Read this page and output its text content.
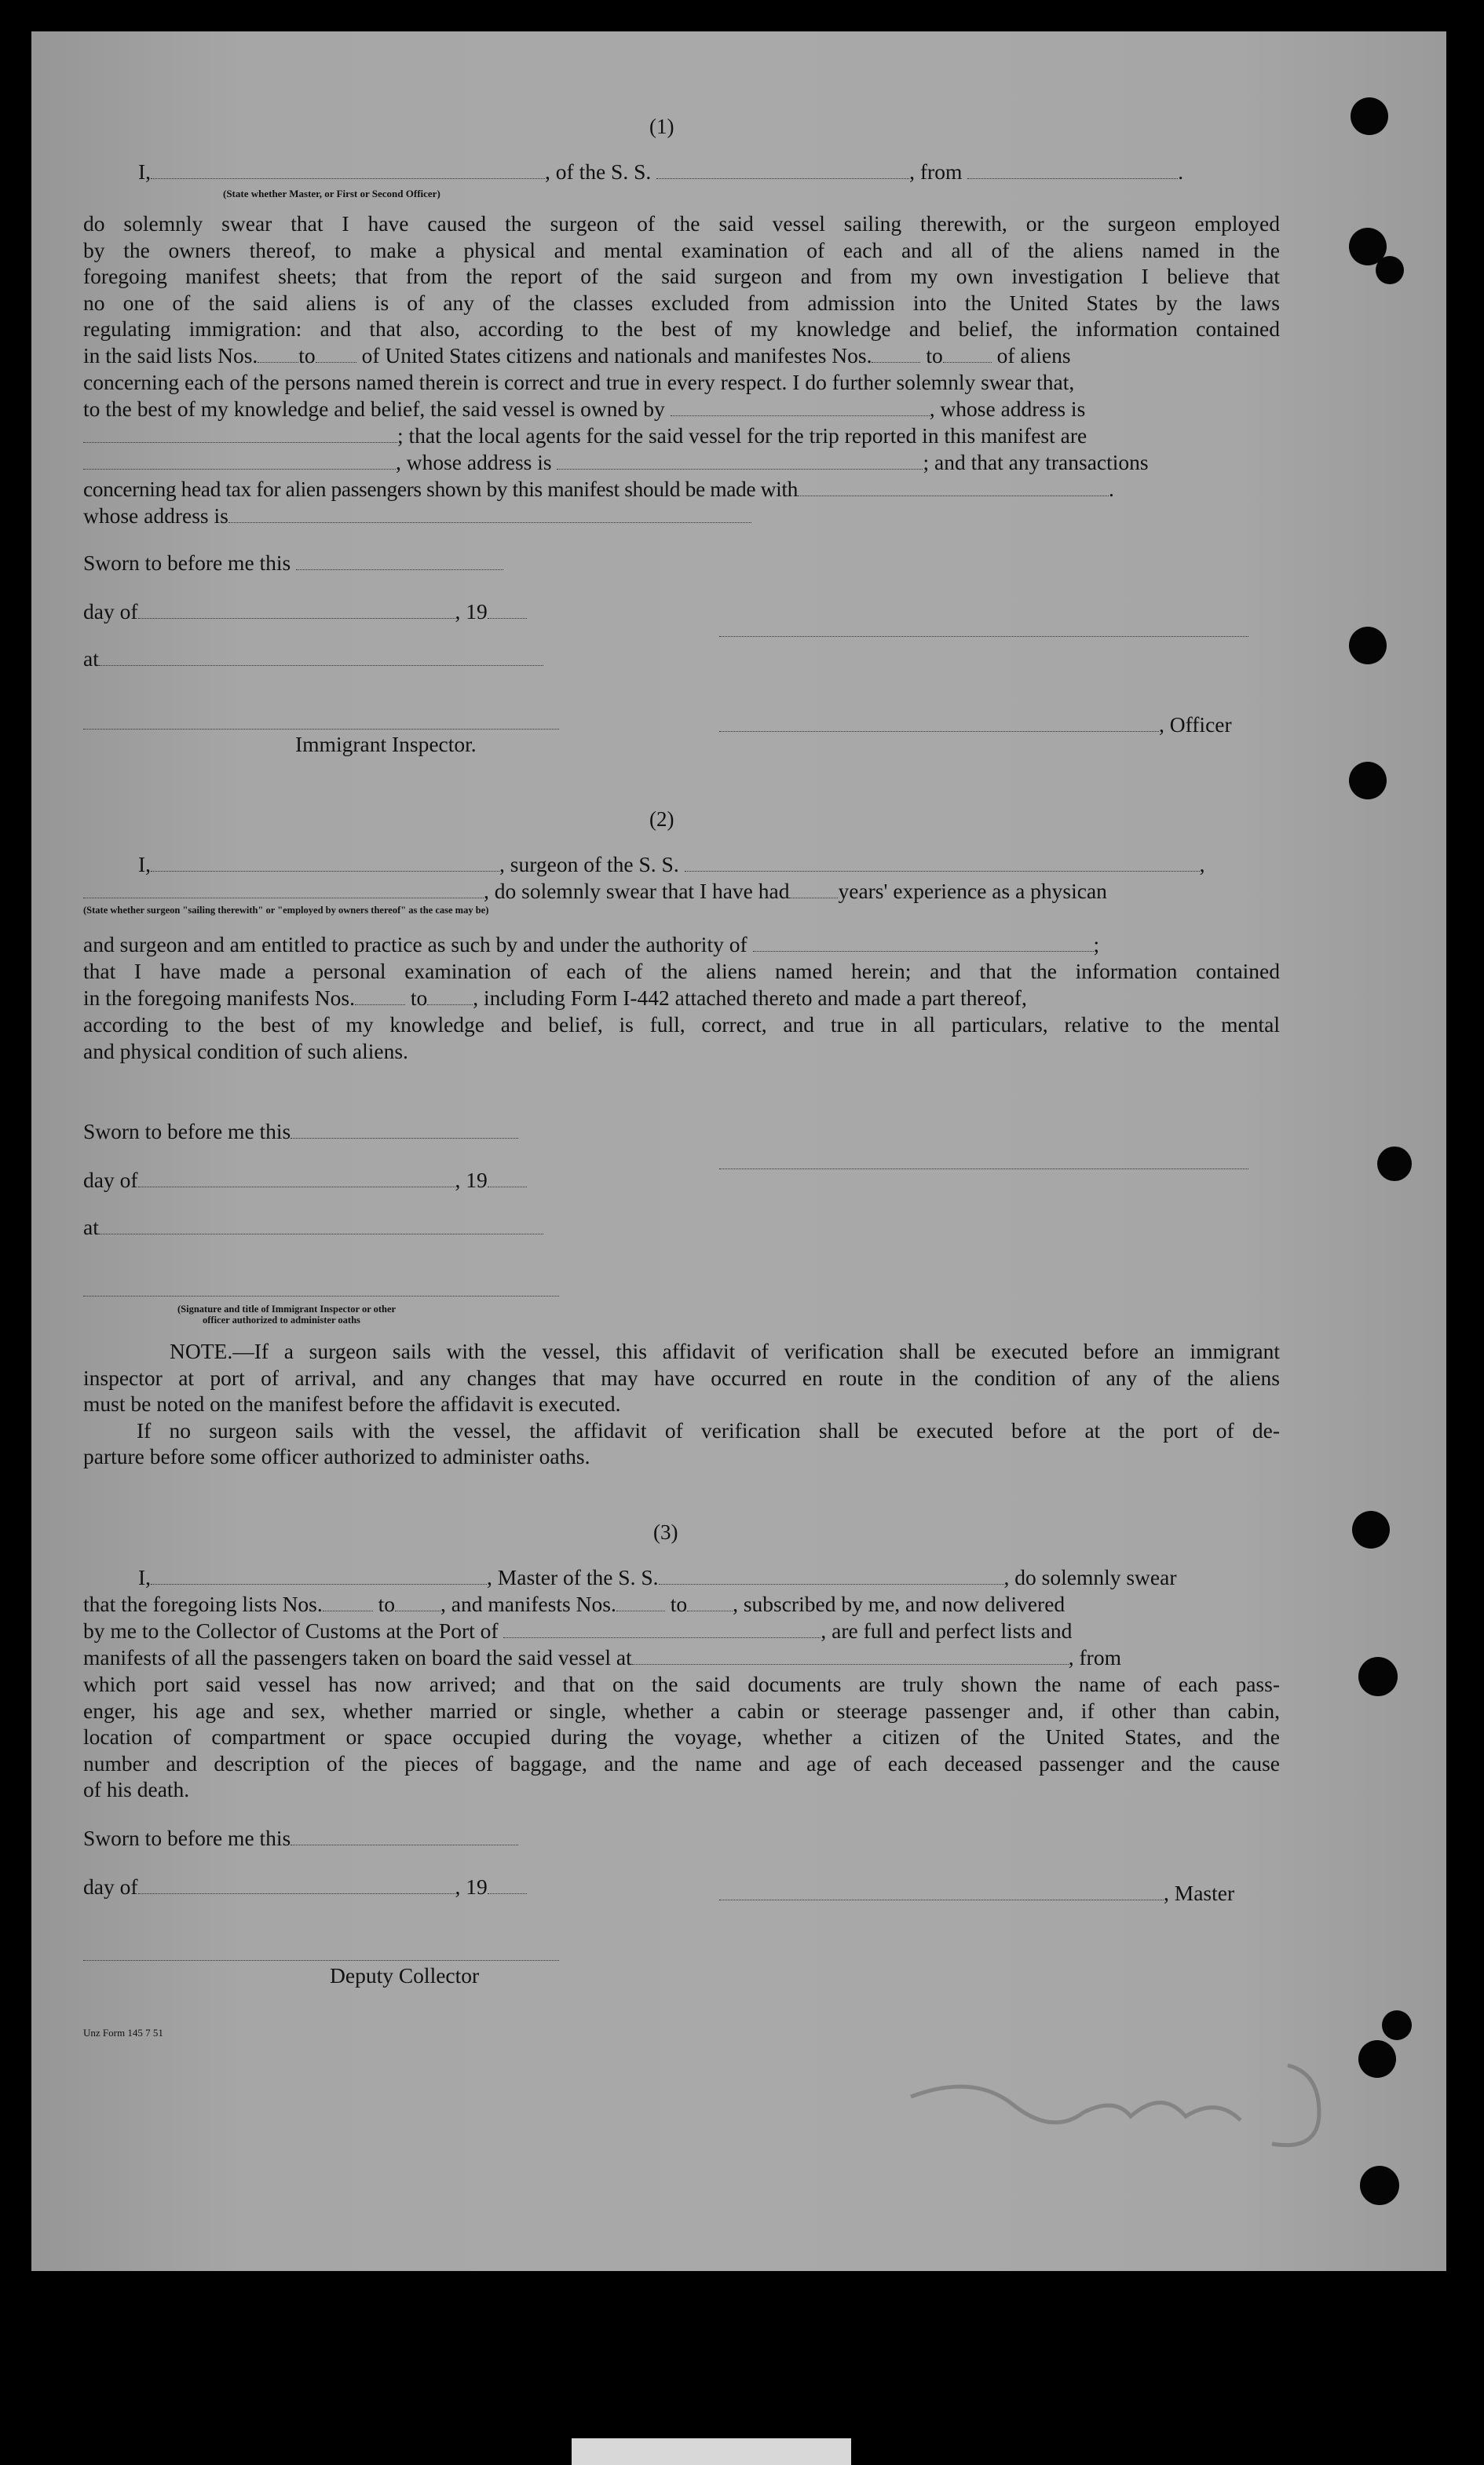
(1)
I,	, of the S. S.	, from	.
(State whether Master, or First or Second Officer)
do solemnly swear that I have caused the surgeon of the said vessel sailing therewith, or the surgeon employed
by the owners thereof, to make a physical and mental examination of each and all of the aliens named in the
foregoing manifest sheets; that from the report of the said surgeon and from my own investigation I believe that
no one of the said aliens is of any of the classes excluded from admission into the United States by the laws
regulating immigration: and that also, according to the best of my knowledge and belief, the information contained
in the said lists Nos. to of United States citizens and nationals and manifestes Nos.	to	of aliens
concerning each of the persons named therein is correct and true in every respect. I do further solemnly swear that,
to the best of my knowledge and belief, the said vessel is owned by	, whose address is
; that the local agents for the said vessel for the trip reported in this manifest are
, whose address is	; and that any transactions
concerning head tax for alien passengers shown by this manifest should be made with	.
whose address is
Sworn to before me this
day of	, 19
at
, Officer
Immigrant Inspector.
(2)
I,	, surgeon of the S. S.	,
, do solemnly swear that I have had years' experience as a physican
(State whether surgeon "sailing therewith" or "employed by owners thereof" as the case may be)
and surgeon and am entitled to practice as such by and under the authority of	;
that I have made a personal examination of each of the aliens named herein; and that the information contained
in the foregoing manifests Nos.	to , including Form I-442 attached thereto and made a part thereof,
according to the best of my knowledge and belief, is full, correct, and true in all particulars, relative to the mental
and physical condition of such aliens.
Sworn to before me this
day of	, 19
at
(Signature and title of Immigrant Inspector or other
officer authorized to administer oaths
NOTE.—If a surgeon sails with the vessel, this affidavit of verification shall be executed before an immigrant
inspector at port of arrival, and any changes that may have occurred en route in the condition of any of the aliens
must be noted on the manifest before the affidavit is executed.
If no surgeon sails with the vessel, the affidavit of verification shall be executed before at the port of de-
parture before some officer authorized to administer oaths.
(3)
I,	, Master of the S. S.	, do solemnly swear
that the foregoing lists Nos.	to , and manifests Nos.	to , subscribed by me, and now delivered
by me to the Collector of Customs at the Port of	, are full and perfect lists and
manifests of all the passengers taken on board the said vessel at	, from
which port said vessel has now arrived; and that on the said documents are truly shown the name of each pass-
enger, his age and sex, whether married or single, whether a cabin or steerage passenger and, if other than cabin,
location of compartment or space occupied during the voyage, whether a citizen of the United States, and the
number and description of the pieces of baggage, and the name and age of each deceased passenger and the cause
of his death.
Sworn to before me this
day of	, 19	, Master
Deputy Collector
Unz Form 145 7 51
